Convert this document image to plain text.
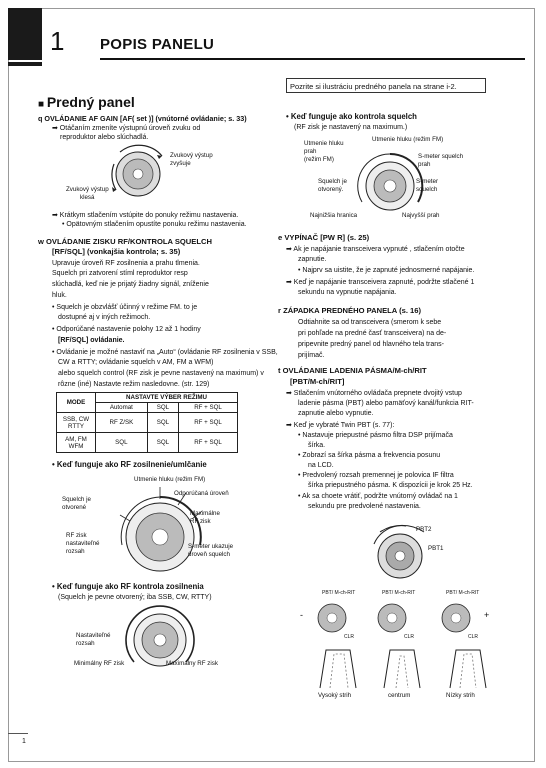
1 POPIS PANELU
Pozrite si ilustráciu predného panela na strane i-2.
■ Predný panel
q OVLÁDANIE AF GAIN [AF( set )] (vnútorné ovládanie; s. 33)
➡ Otáčaním zmeníte výstupnú úroveň zvuku od
reproduktor alebo slúchadlá.
Zvukový výstup
zvyšuje
Zvukový výstup
klesá
➡ Krátkym stlačením vstúpite do ponuky režimu nastavenia.
• Opätovným stlačením opustíte ponuku režimu nastavenia.
w OVLÁDANIE ZISKU RF/KONTROLA SQUELCH
[RF/SQL] (vonkajšia kontrola; s. 35)
Upravuje úroveň RF zosilnenia a prahu tlmenia.
Squelch pri zatvorení stíml reproduktor resp
slúchadlá, keď nie je prijatý žiadny signál, zníženie
hluk.
• Squelch je obzvlášť účinný v režime FM. to je
dostupné aj v iných režimoch.
• Odporúčané nastavenie polohy 12 až 1 hodiny
[RF/SQL] ovládanie.
• Ovládanie je možné nastaviť na „Auto“ (ovládanie RF zosilnenia v SSB,
CW a RTTY; ovládanie squelch v AM, FM a WFM)
alebo squelch control (RF zisk je pevne nastavený na maximum) v
rôzne (iné) Nastavte režim nasledovne. (str. 129)
MODE	NASTAVTE VÝBER REŽIMU		
	Automat	SQL	RF + SQL
SSB, CW RTTY	RF Z/SK	SQL	RF + SQL
AM, FM WFM	SQL	SQL	RF + SQL
• Keď funguje ako RF zosilnenie/umlčanie
Utmenie hluku (režim FM)
Odporúčaná úroveň
Squelch je
otvorené
Maximálne
RF zisk
RF zisk
nastaviteľné
rozsah
S-meter ukazuje
úroveň squelch
• Keď funguje ako RF kontrola zosilnenia
(Squelch je pevne otvorený; iba SSB, CW, RTTY)
Nastaviteľné
rozsah
Minimálny RF zisk	Maximálny RF zisk
• Keď funguje ako kontrola squelch
(RF zisk je nastavený na maximum.)
Utmenie hluku
prah
(režim FM)
Utmenie hluku (režim FM)
S-meter squelch
prah
Squelch je
otvorený.
S-meter
squelch
Najnižšia hranica	Najvyšší prah
e VYPÍNAČ [PW R] (s. 25)
➡ Ak je napájanie transceivera vypnuté , stlačením otočte
zapnutie.
• Najprv sa uistite, že je zapnuté jednosmerné napájanie.
➡ Keď je napájanie transceivera zapnuté, podržte stlačené 1
sekundu na vypnutie napájania.
r ZÁPADKA PREDNÉHO PANELA (s. 16)
Odtiahnite sa od transceivera (smerom k sebe
pri pohľade na predné časť transceivera) na de-
pripevnite predný panel od hlavného tela trans-
prijímač.
t OVLÁDANIE LADENIA PÁSMA/M-ch/RIT
[PBT/M-ch/RIT]
➡ Stlačením vnútorného ovládača prepnete dvojitý vstup
ladenie pásma (PBT) alebo pamäťový kanál/funkcia RIT-
zapnutie alebo vypnutie.
➡ Keď je vybraté Twin PBT (s. 77):
• Nastavuje priepustné pásmo filtra DSP prijímača
šírka.
• Zobrazí sa šírka pásma a frekvencia posunu
na LCD.
• Predvolený rozsah premennej je polovica IF filtra
šírka priepustného pásma. K dispozícii je krok 25 Hz.
• Ak sa choete vrátiť, podržte vnútorný ovládač na 1
sekundu pre predvolené nastavenia.
PBT2
PBT1
PBT/ M-ch-RIT	PBT/ M-ch-RIT	PBT/ M-ch-RIT
CLR	CLR	CLR
-	+
Vysoký strih	centrum	Nízky strih
1
